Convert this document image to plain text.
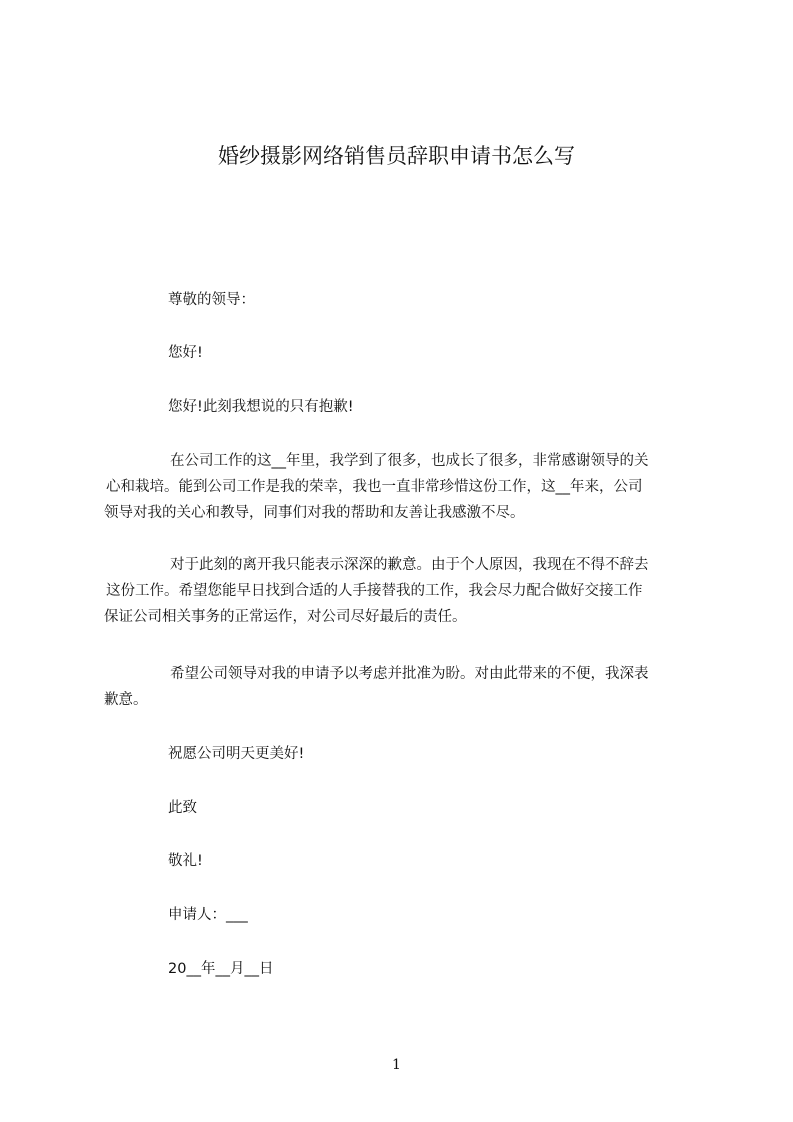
婚纱摄影网络销售员辞职申请书怎么写

尊敬的领导：

您好!

您好!此刻我想说的只有抱歉!

在公司工作的这__年里，我学到了很多，也成长了很多，非常感谢领导的关
心和栽培。能到公司工作是我的荣幸，我也一直非常珍惜这份工作，这__年来，公司
领导对我的关心和教导，同事们对我的帮助和友善让我感激不尽。
对于此刻的离开我只能表示深深的歉意。由于个人原因，我现在不得不辞去
这份工作。希望您能早日找到合适的人手接替我的工作，我会尽力配合做好交接工作
保证公司相关事务的正常运作，对公司尽好最后的责任。
希望公司领导对我的申请予以考虑并批准为盼。对由此带来的不便，我深表
歉意。

祝愿公司明天更美好!

此致

敬礼!

申请人：___

20__年__月__日

1
